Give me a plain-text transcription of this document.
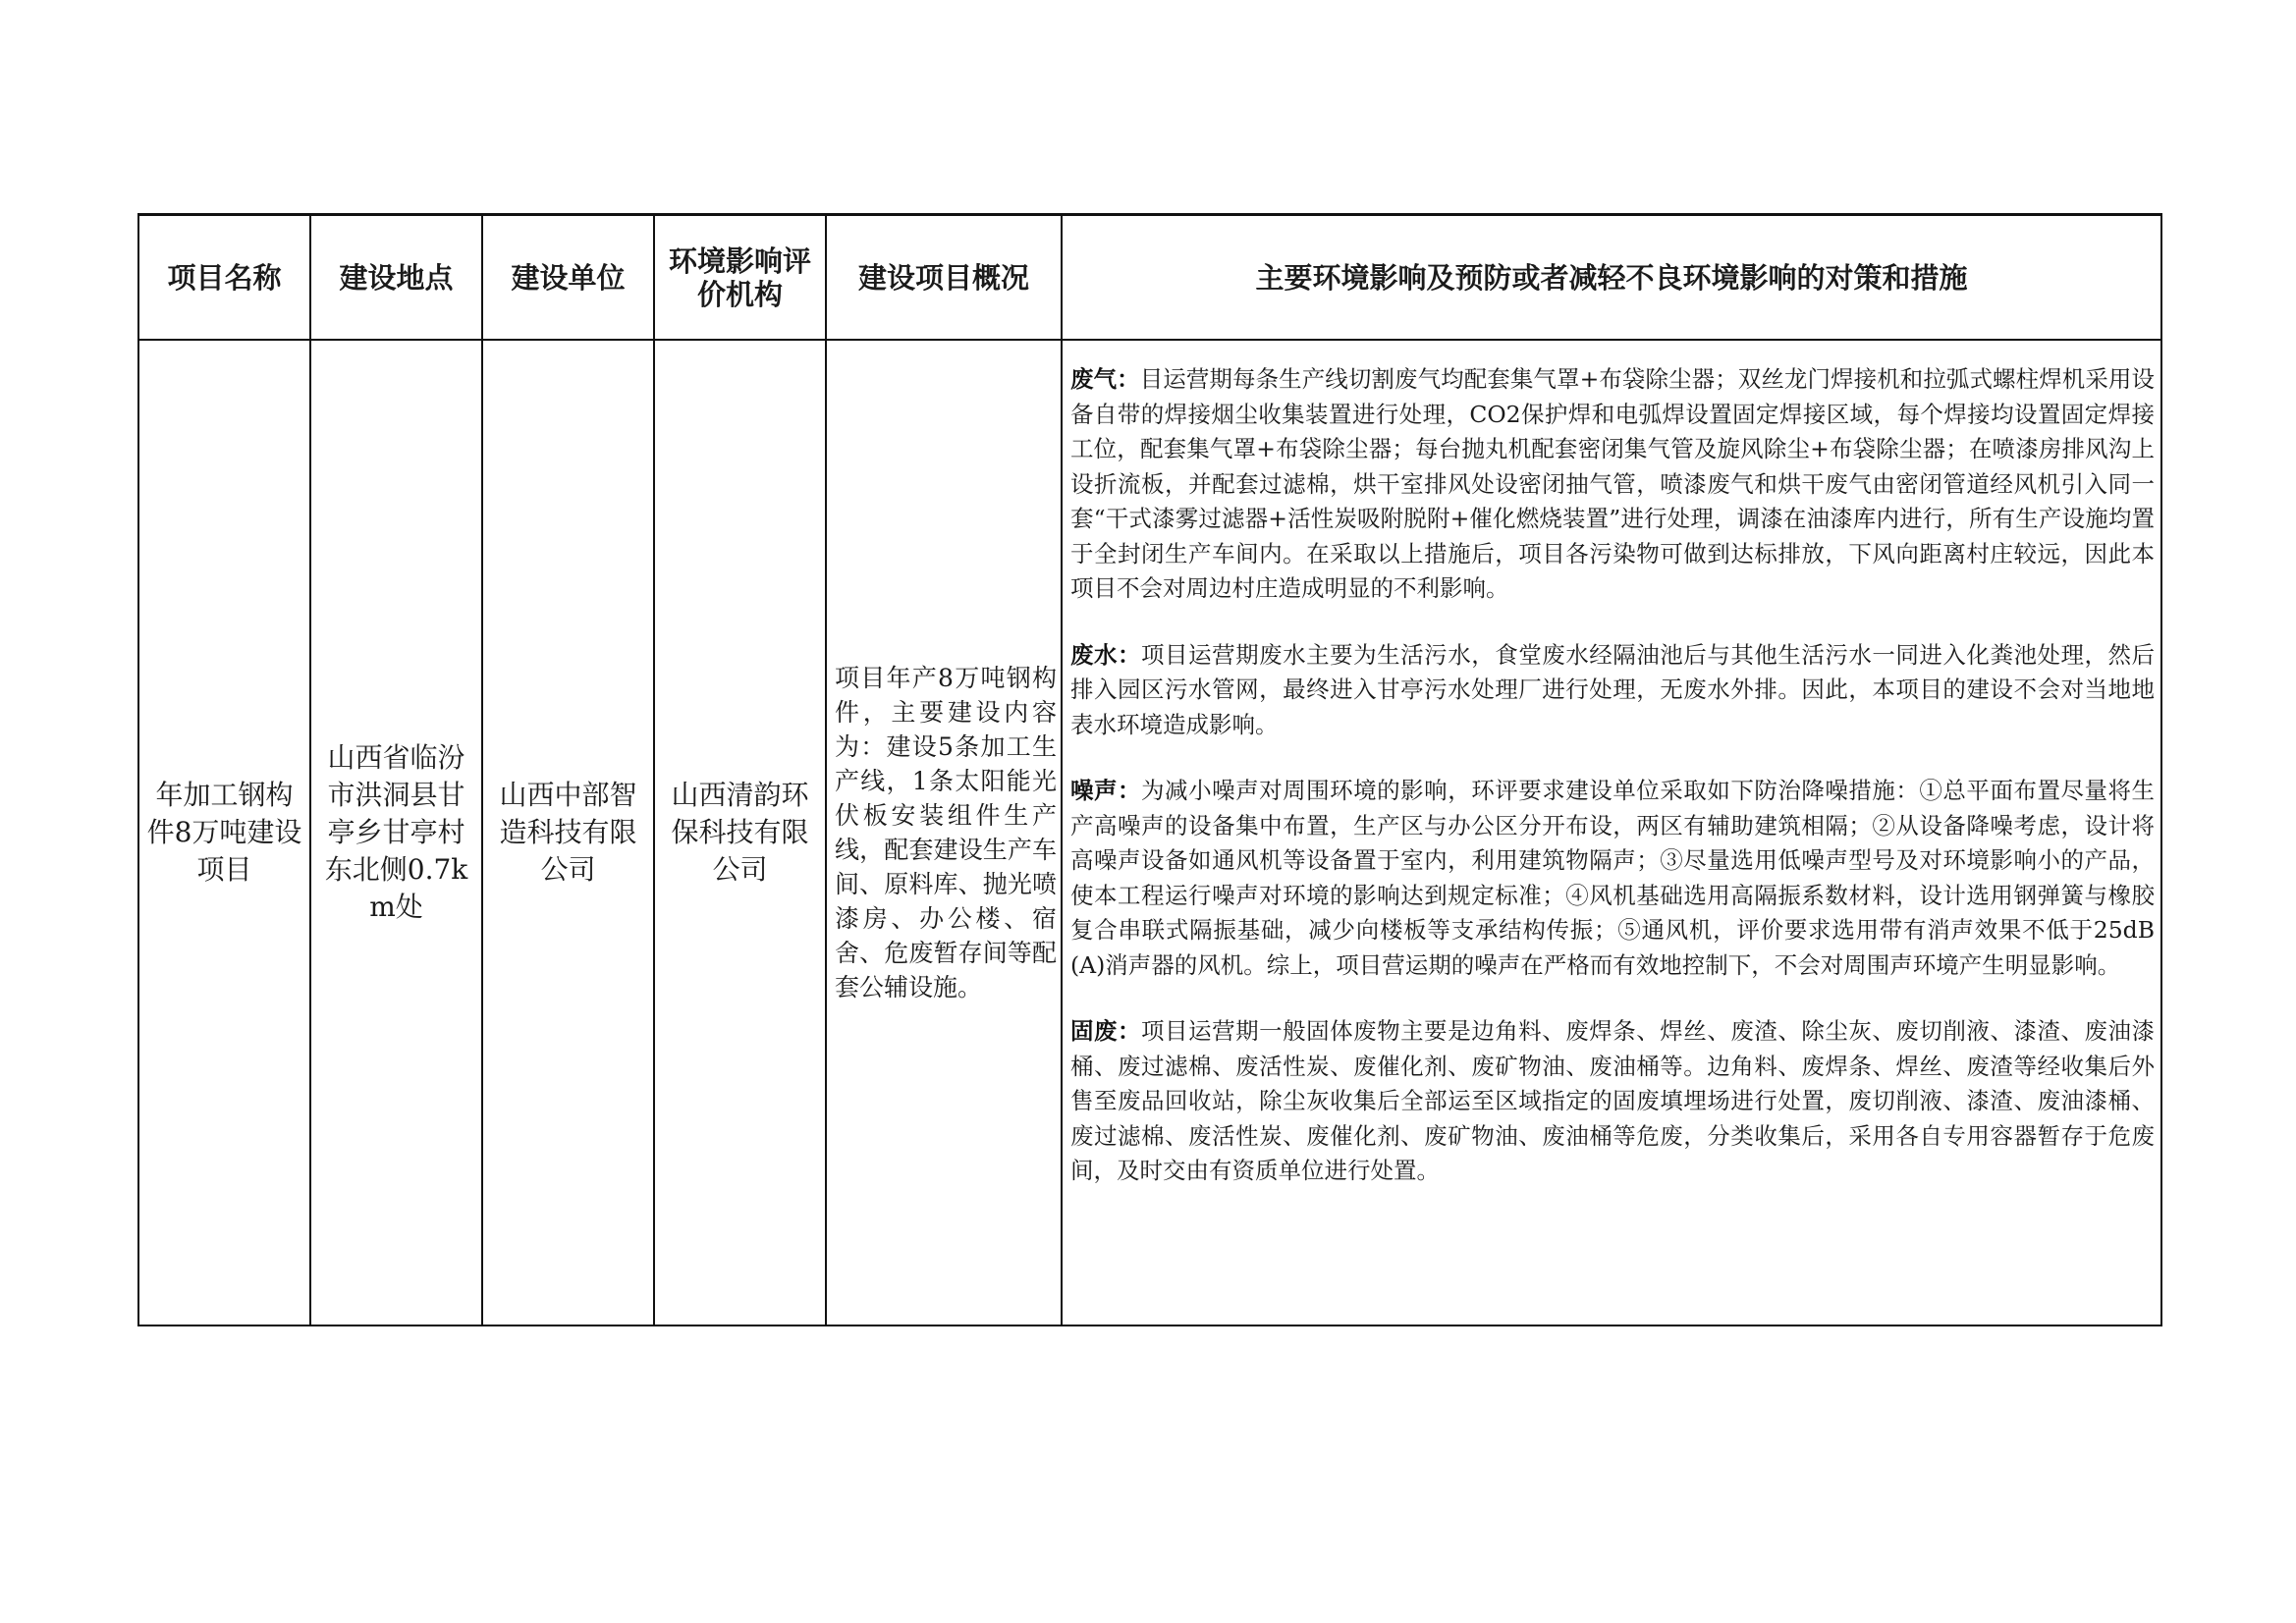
项目名称	建设地点	建设单位	环境影响评价机构	建设项目概况	主要环境影响及预防或者减轻不良环境影响的对策和措施
年加工钢构件8万吨建设项目	山西省临汾市洪洞县甘亭乡甘亭村东北侧0.7km处	山西中部智造科技有限公司	山西清韵环保科技有限公司	项目年产8万吨钢构件，主要建设内容为：建设5条加工生产线，1条太阳能光伏板安装组件生产线，配套建设生产车间、原料库、抛光喷漆房、办公楼、宿舍、危废暂存间等配套公辅设施。	废气：目运营期每条生产线切割废气均配套集气罩+布袋除尘器；双丝龙门焊接机和拉弧式螺柱焊机采用设备自带的焊接烟尘收集装置进行处理，CO2保护焊和电弧焊设置固定焊接区域，每个焊接均设置固定焊接工位，配套集气罩+布袋除尘器；每台抛丸机配套密闭集气管及旋风除尘+布袋除尘器；在喷漆房排风沟上设折流板，并配套过滤棉，烘干室排风处设密闭抽气管，喷漆废气和烘干废气由密闭管道经风机引入同一套“干式漆雾过滤器+活性炭吸附脱附+催化燃烧装置”进行处理，调漆在油漆库内进行，所有生产设施均置于全封闭生产车间内。在采取以上措施后，项目各污染物可做到达标排放，下风向距离村庄较远，因此本项目不会对周边村庄造成明显的不利影响。

废水：项目运营期废水主要为生活污水，食堂废水经隔油池后与其他生活污水一同进入化粪池处理，然后排入园区污水管网，最终进入甘亭污水处理厂进行处理，无废水外排。因此，本项目的建设不会对当地地表水环境造成影响。

噪声：为减小噪声对周围环境的影响，环评要求建设单位采取如下防治降噪措施：①总平面布置尽量将生产高噪声的设备集中布置，生产区与办公区分开布设，两区有辅助建筑相隔；②从设备降噪考虑，设计将高噪声设备如通风机等设备置于室内，利用建筑物隔声；③尽量选用低噪声型号及对环境影响小的产品，使本工程运行噪声对环境的影响达到规定标准；④风机基础选用高隔振系数材料，设计选用钢弹簧与橡胶复合串联式隔振基础，减少向楼板等支承结构传振；⑤通风机，评价要求选用带有消声效果不低于25dB(A)消声器的风机。综上，项目营运期的噪声在严格而有效地控制下，不会对周围声环境产生明显影响。

固废：项目运营期一般固体废物主要是边角料、废焊条、焊丝、废渣、除尘灰、废切削液、漆渣、废油漆桶、废过滤棉、废活性炭、废催化剂、废矿物油、废油桶等。边角料、废焊条、焊丝、废渣等经收集后外售至废品回收站，除尘灰收集后全部运至区域指定的固废填埋场进行处置，废切削液、漆渣、废油漆桶、废过滤棉、废活性炭、废催化剂、废矿物油、废油桶等危废，分类收集后，采用各自专用容器暂存于危废间，及时交由有资质单位进行处置。
